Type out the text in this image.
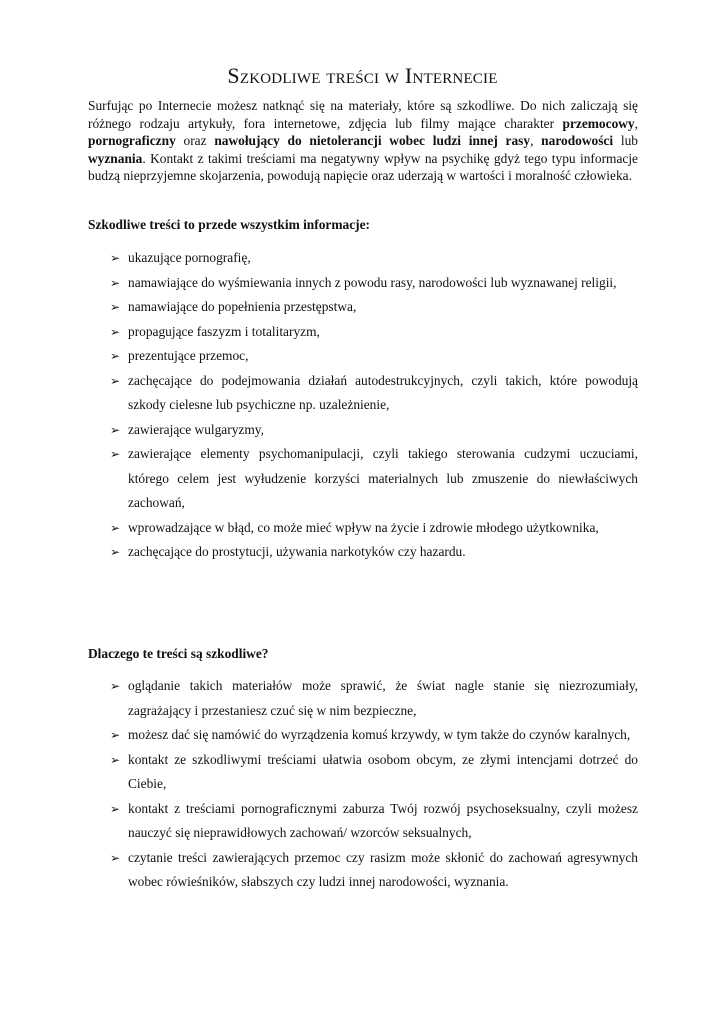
Szkodliwe treści w Internecie

Surfując po Internecie możesz natknąć się na materiały, które są szkodliwe. Do nich zaliczają się różnego rodzaju artykuły, fora internetowe, zdjęcia lub filmy mające charakter przemocowy, pornograficzny oraz nawołujący do nietolerancji wobec ludzi innej rasy, narodowości lub wyznania. Kontakt z takimi treściami ma negatywny wpływ na psychikę gdyż tego typu informacje budzą nieprzyjemne skojarzenia, powodują napięcie oraz uderzają w wartości i moralność człowieka.

Szkodliwe treści to przede wszystkim informacje:

➢ ukazujące pornografię,
➢ namawiające do wyśmiewania innych z powodu rasy, narodowości lub wyznawanej religii,
➢ namawiające do popełnienia przestępstwa,
➢ propagujące faszyzm i totalitaryzm,
➢ prezentujące przemoc,
➢ zachęcające do podejmowania działań autodestrukcyjnych, czyli takich, które powodują szkody cielesne lub psychiczne np. uzależnienie,
➢ zawierające wulgaryzmy,
➢ zawierające elementy psychomanipulacji, czyli takiego sterowania cudzymi uczuciami, którego celem jest wyłudzenie korzyści materialnych lub zmuszenie do niewłaściwych zachowań,
➢ wprowadzające w błąd, co może mieć wpływ na życie i zdrowie młodego użytkownika,
➢ zachęcające do prostytucji, używania narkotyków czy hazardu.

Dlaczego te treści są szkodliwe?

➢ oglądanie takich materiałów może sprawić, że świat nagle stanie się niezrozumiały, zagrażający i przestaniesz czuć się w nim bezpieczne,
➢ możesz dać się namówić do wyrządzenia komuś krzywdy, w tym także do czynów karalnych,
➢ kontakt ze szkodliwymi treściami ułatwia osobom obcym, ze złymi intencjami dotrzeć do Ciebie,
➢ kontakt z treściami pornograficznymi zaburza Twój rozwój psychoseksualny, czyli możesz nauczyć się nieprawidłowych zachowań/ wzorców seksualnych,
➢ czytanie treści zawierających przemoc czy rasizm może skłonić do zachowań agresywnych wobec rówieśników, słabszych czy ludzi innej narodowości, wyznania.
